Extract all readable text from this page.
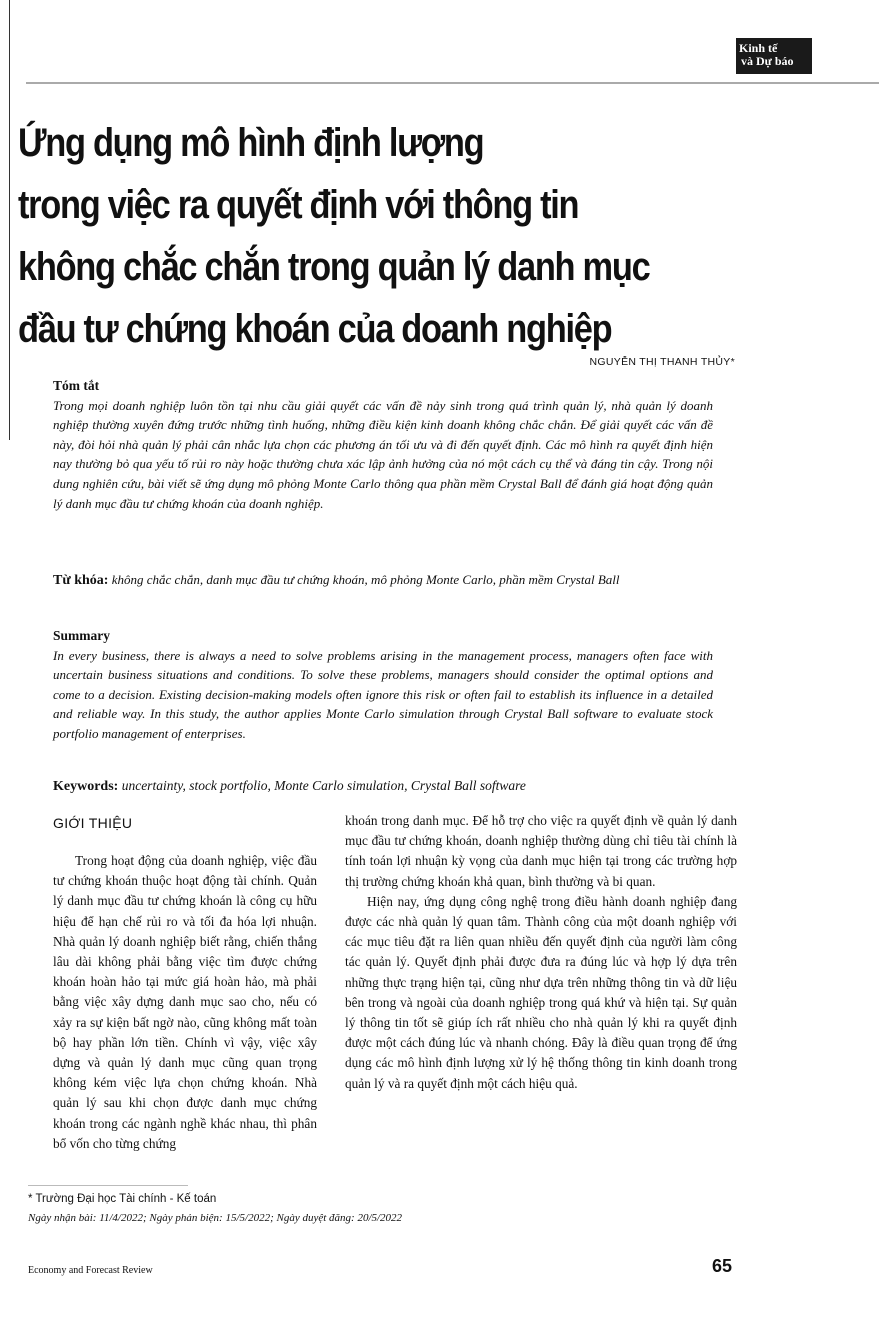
Kinh tế
và Dự báo
Ứng dụng mô hình định lượng
trong việc ra quyết định với thông tin
không chắc chắn trong quản lý danh mục
đầu tư chứng khoán của doanh nghiệp
NGUYỄN THỊ THANH THỦY*
Tóm tắt
Trong mọi doanh nghiệp luôn tồn tại nhu cầu giải quyết các vấn đề nảy sinh trong quá trình quản lý, nhà quản lý doanh nghiệp thường xuyên đứng trước những tình huống, những điều kiện kinh doanh không chắc chắn. Để giải quyết các vấn đề này, đòi hỏi nhà quản lý phải cân nhắc lựa chọn các phương án tối ưu và đi đến quyết định. Các mô hình ra quyết định hiện nay thường bỏ qua yếu tố rủi ro này hoặc thường chưa xác lập ảnh hưởng của nó một cách cụ thể và đáng tin cậy. Trong nội dung nghiên cứu, bài viết sẽ ứng dụng mô phỏng Monte Carlo thông qua phần mềm Crystal Ball để đánh giá hoạt động quản lý danh mục đầu tư chứng khoán của doanh nghiệp.
Từ khóa: không chắc chắn, danh mục đầu tư chứng khoán, mô phỏng Monte Carlo, phần mềm Crystal Ball
Summary
In every business, there is always a need to solve problems arising in the management process, managers often face with uncertain business situations and conditions. To solve these problems, managers should consider the optimal options and come to a decision. Existing decision-making models often ignore this risk or often fail to establish its influence in a detailed and reliable way. In this study, the author applies Monte Carlo simulation through Crystal Ball software to evaluate stock portfolio management of enterprises.
Keywords: uncertainty, stock portfolio, Monte Carlo simulation, Crystal Ball software
GIỚI THIỆU

Trong hoạt động của doanh nghiệp, việc đầu tư chứng khoán thuộc hoạt động tài chính. Quản lý danh mục đầu tư chứng khoán là công cụ hữu hiệu để hạn chế rủi ro và tối đa hóa lợi nhuận. Nhà quản lý doanh nghiệp biết rằng, chiến thắng lâu dài không phải bằng việc tìm được chứng khoán hoàn hảo tại mức giá hoàn hảo, mà phải bằng việc xây dựng danh mục sao cho, nếu có xảy ra sự kiện bất ngờ nào, cũng không mất toàn bộ hay phần lớn tiền. Chính vì vậy, việc xây dựng và quản lý danh mục cũng quan trọng không kém việc lựa chọn chứng khoán. Nhà quản lý sau khi chọn được danh mục chứng khoán trong các ngành nghề khác nhau, thì phân bổ vốn cho từng chứng

khoán trong danh mục. Để hỗ trợ cho việc ra quyết định về quản lý danh mục đầu tư chứng khoán, doanh nghiệp thường dùng chỉ tiêu tài chính là tính toán lợi nhuận kỳ vọng của danh mục hiện tại trong các trường hợp thị trường chứng khoán khả quan, bình thường và bi quan.

Hiện nay, ứng dụng công nghệ trong điều hành doanh nghiệp đang được các nhà quản lý quan tâm. Thành công của một doanh nghiệp với các mục tiêu đặt ra liên quan nhiều đến quyết định của người làm công tác quản lý. Quyết định phải được đưa ra đúng lúc và hợp lý dựa trên những thực trạng hiện tại, cũng như dựa trên những thông tin và dữ liệu bên trong và ngoài của doanh nghiệp trong quá khứ và hiện tại. Sự quản lý thông tin tốt sẽ giúp ích rất nhiều cho nhà quản lý khi ra quyết định được một cách đúng lúc và nhanh chóng. Đây là điều quan trọng để ứng dụng các mô hình định lượng xử lý hệ thống thông tin kinh doanh trong quản lý và ra quyết định một cách hiệu quả.

* Trường Đại học Tài chính - Kế toán
Ngày nhận bài: 11/4/2022; Ngày phản biện: 15/5/2022; Ngày duyệt đăng: 20/5/2022
Economy and Forecast Review	65
